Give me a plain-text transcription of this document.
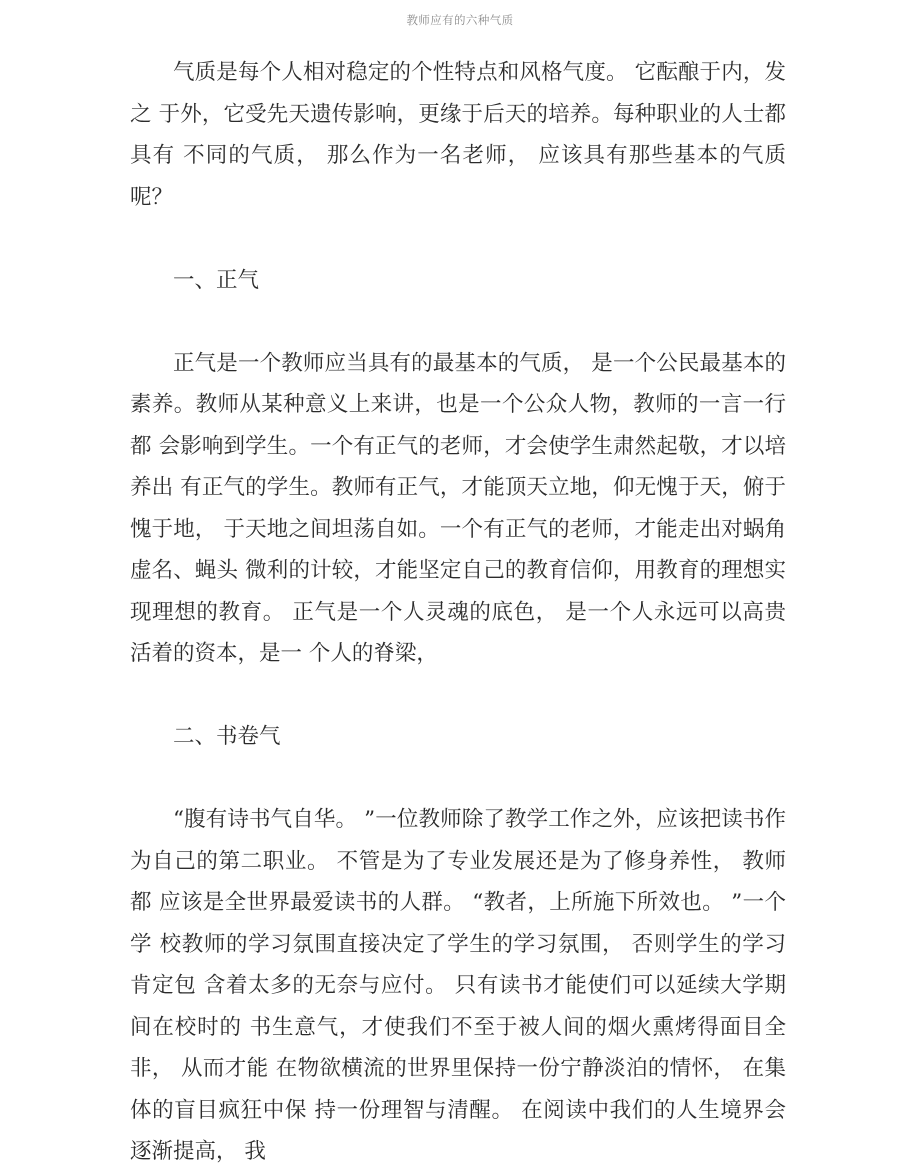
教师应有的六种气质

气质是每个人相对稳定的个性特点和风格气度。 它酝酿于内，发之 于外，它受先天遗传影响，更缘于后天的培养。每种职业的人士都具有 不同的气质， 那么作为一名老师， 应该具有那些基本的气质呢？

一、正气

正气是一个教师应当具有的最基本的气质， 是一个公民最基本的 素养。教师从某种意义上来讲，也是一个公众人物，教师的一言一行都 会影响到学生。一个有正气的老师，才会使学生肃然起敬，才以培养出 有正气的学生。教师有正气，才能顶天立地，仰无愧于天，俯于愧于地， 于天地之间坦荡自如。一个有正气的老师，才能走出对蜗角虚名、蝇头 微利的计较，才能坚定自己的教育信仰，用教育的理想实现理想的教育。 正气是一个人灵魂的底色， 是一个人永远可以高贵活着的资本，是一 个人的脊梁，

二、书卷气

“腹有诗书气自华。 ”一位教师除了教学工作之外，应该把读书作 为自己的第二职业。 不管是为了专业发展还是为了修身养性， 教师都 应该是全世界最爱读书的人群。 “教者，上所施下所效也。 ”一个学 校教师的学习氛围直接决定了学生的学习氛围， 否则学生的学习肯定包 含着太多的无奈与应付。 只有读书才能使们可以延续大学期间在校时的 书生意气，才使我们不至于被人间的烟火熏烤得面目全非， 从而才能 在物欲横流的世界里保持一份宁静淡泊的情怀， 在集体的盲目疯狂中保 持一份理智与清醒。 在阅读中我们的人生境界会逐渐提高， 我
